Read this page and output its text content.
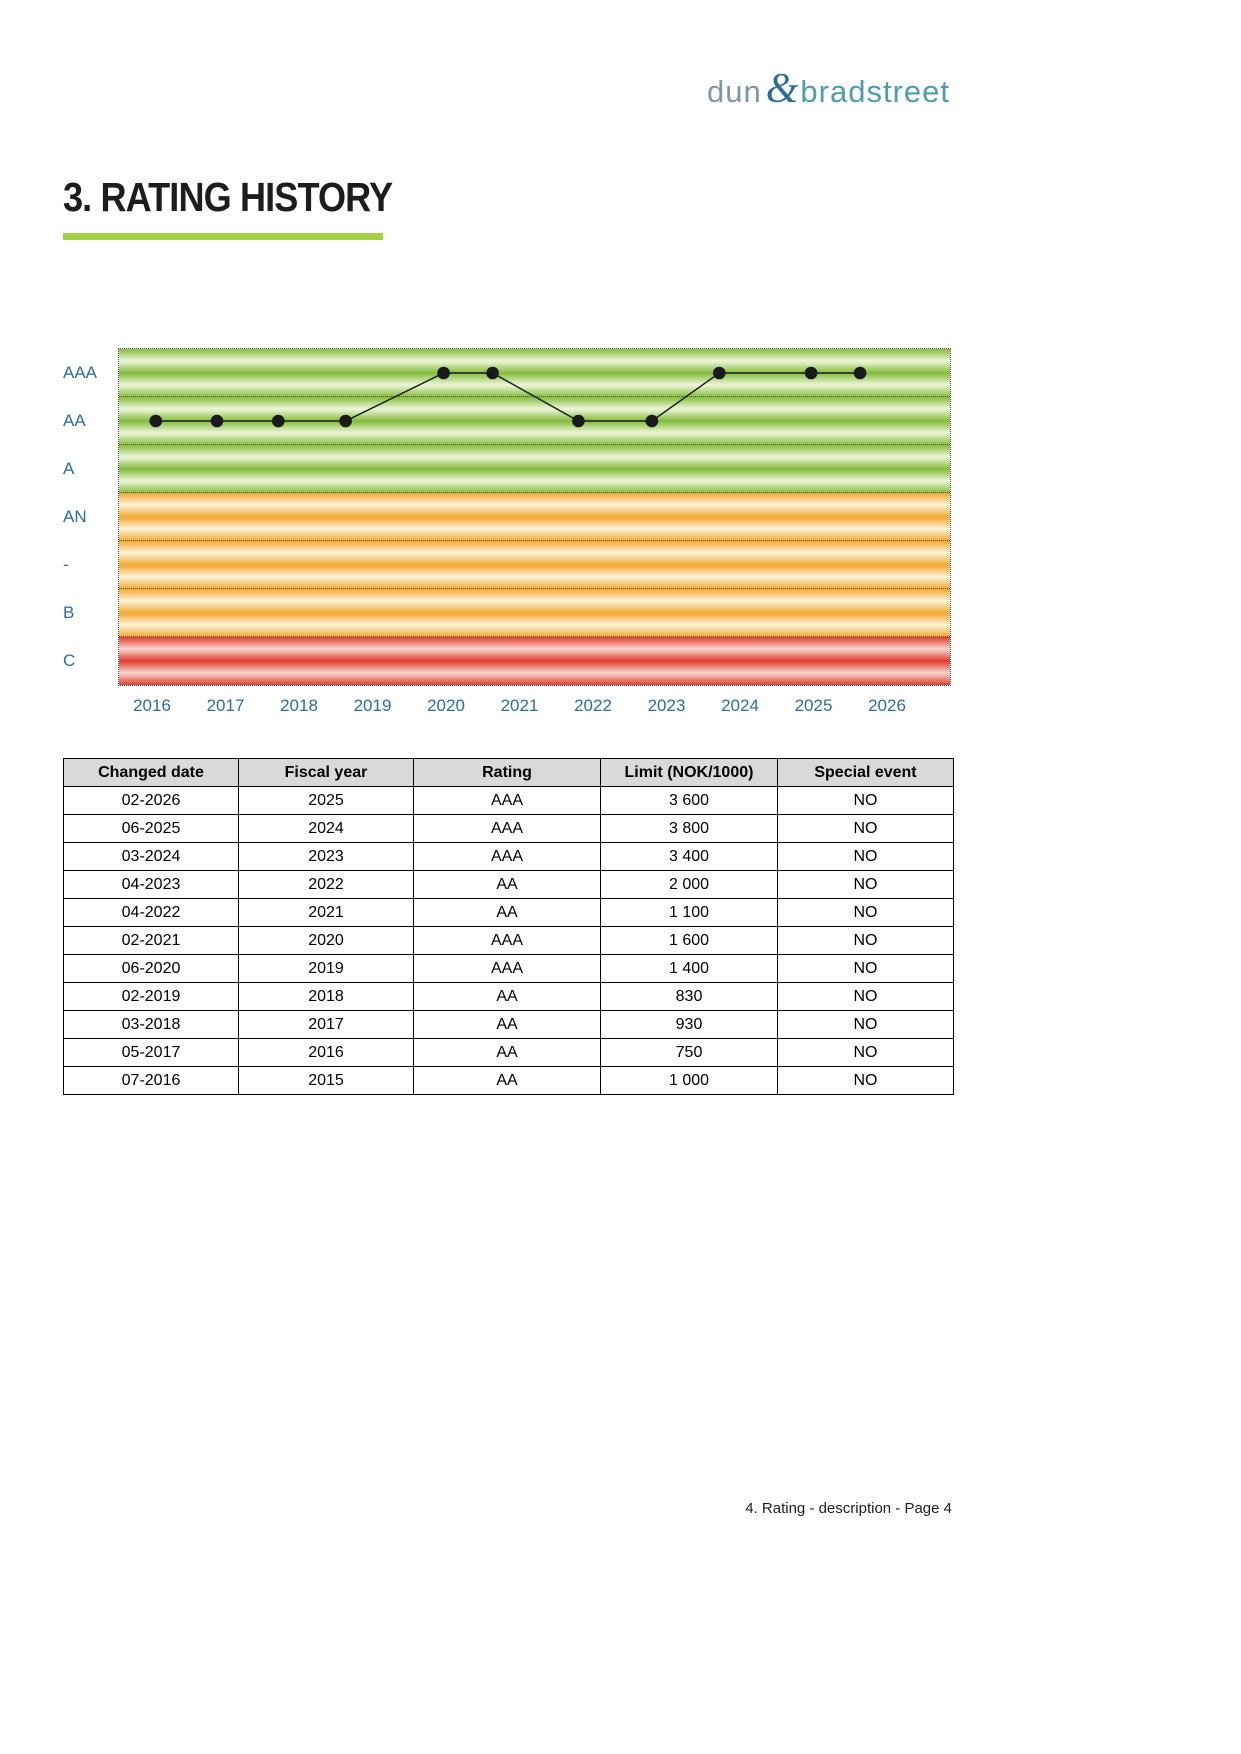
dun & bradstreet
3. RATING HISTORY
AAA
AA
A
AN
-
B
C
2016 2017 2018 2019 2020 2021 2022 2023 2024 2025 2026
Changed date	Fiscal year	Rating	Limit (NOK/1000)	Special event
02-2026	2025	AAA	3 600	NO
06-2025	2024	AAA	3 800	NO
03-2024	2023	AAA	3 400	NO
04-2023	2022	AA	2 000	NO
04-2022	2021	AA	1 100	NO
02-2021	2020	AAA	1 600	NO
06-2020	2019	AAA	1 400	NO
02-2019	2018	AA	830	NO
03-2018	2017	AA	930	NO
05-2017	2016	AA	750	NO
07-2016	2015	AA	1 000	NO
4. Rating - description - Page 4
